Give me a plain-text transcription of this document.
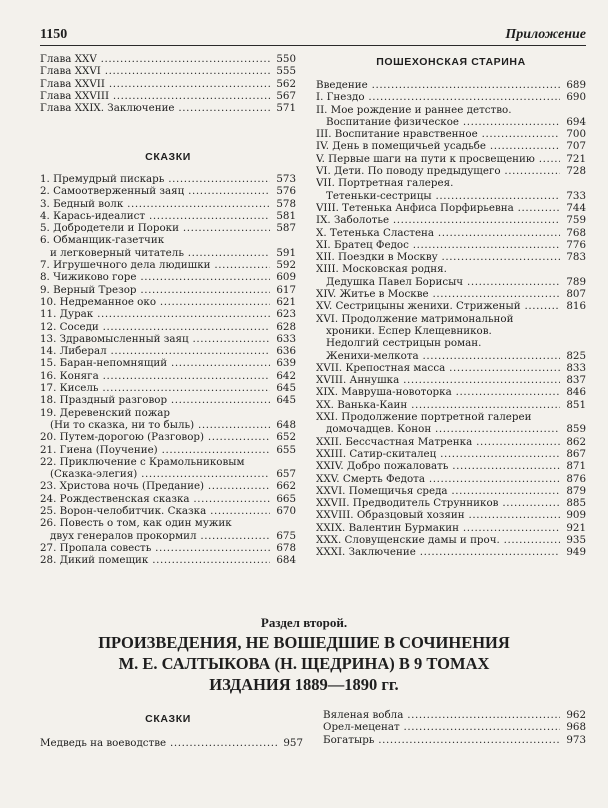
1150	Приложение
Глава XXV .....	550
Глава XXVI .....	555
Глава XXVII .....	562
Глава XXVIII .....	567
Глава XXIX. Заключение .....	571
СКАЗКИ
1. Премудрый пискарь .....	573
2. Самоотверженный заяц .....	576
3. Бедный волк .....	578
4. Карась-идеалист .....	581
5. Добродетели и Пороки .....	587
6. Обманщик-газетчик
и легковерный читатель .....	591
7. Игрушечного дела людишки .....	592
8. Чижиково горе .....	609
9. Верный Трезор .....	617
10. Недреманное око .....	621
11. Дурак .....	623
12. Соседи .....	628
13. Здравомысленный заяц .....	633
14. Либерал .....	636
15. Баран-непомнящий .....	639
16. Коняга .....	642
17. Кисель .....	645
18. Праздный разговор .....	645
19. Деревенский пожар
(Ни то сказка, ни то быль) .....	648
20. Путем-дорогою (Разговор) .....	652
21. Гиена (Поучение) .....	655
22. Приключение с Крамольниковым
(Сказка-элегия) .....	657
23. Христова ночь (Предание) .....	662
24. Рождественская сказка .....	665
25. Ворон-челобитчик. Сказка .....	670
26. Повесть о том, как один мужик
двух генералов прокормил .....	675
27. Пропала совесть .....	678
28. Дикий помещик .....	684
ПОШЕХОНСКАЯ СТАРИНА
Введение .....	689
I. Гнездо .....	690
II. Мое рождение и раннее детство.
Воспитание физическое .....	694
III. Воспитание нравственное .....	700
IV. День в помещичьей усадьбе .....	707
V. Первые шаги на пути к просвещению .....	721
VI. Дети. По поводу предыдущего .....	728
VII. Портретная галерея.
Тетеньки-сестрицы .....	733
VIII. Тетенька Анфиса Порфирьевна .....	744
IX. Заболотье .....	759
X. Тетенька Сластена .....	768
XI. Братец Федос .....	776
XII. Поездки в Москву .....	783
XIII. Московская родня.
Дедушка Павел Борисыч .....	789
XIV. Житье в Москве .....	807
XV. Сестрицыны женихи. Стриженый .....	816
XVI. Продолжение матримональной
хроники. Еспер Клещевников.
Недолгий сестрицын роман.
Женихи-мелкота .....	825
XVII. Крепостная масса .....	833
XVIII. Аннушка .....	837
XIX. Мавруша-новоторка .....	846
XX. Ванька-Каин .....	851
XXI. Продолжение портретной галереи
домочадцев. Конон .....	859
XXII. Бессчастная Матренка .....	862
XXIII. Сатир-скиталец .....	867
XXIV. Добро пожаловать .....	871
XXV. Смерть Федота .....	876
XXVI. Помещичья среда .....	879
XXVII. Предводитель Струнников .....	885
XXVIII. Образцовый хозяин .....	909
XXIX. Валентин Бурмакин .....	921
XXX. Словущенские дамы и проч. .....	935
XXXI. Заключение .....	949
Раздел второй.
ПРОИЗВЕДЕНИЯ, НЕ ВОШЕДШИЕ В СОЧИНЕНИЯ
М. Е. САЛТЫКОВА (Н. ЩЕДРИНА) В 9 ТОМАХ
ИЗДАНИЯ 1889—1890 гг.
СКАЗКИ
Медведь на воеводстве .....	957
Вяленая вобла .....	962
Орел-меценат .....	968
Богатырь .....	973
